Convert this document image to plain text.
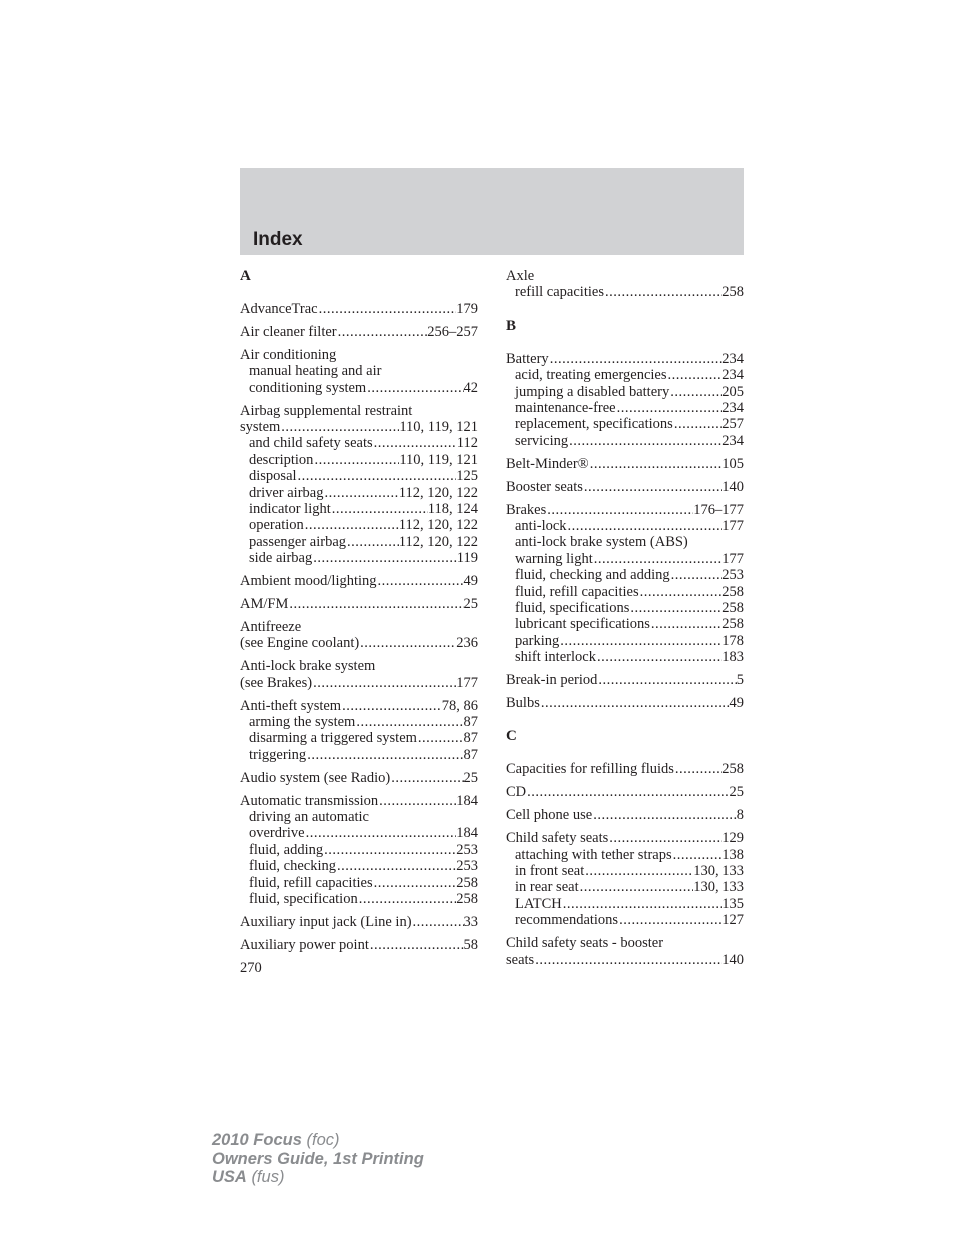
Index
A
AdvanceTrac .....	179
Air cleaner filter .....	256–257
Air conditioning
manual heating and air
conditioning system .....	42
Airbag supplemental restraint
system .....	110, 119, 121
and child safety seats .....	112
description .....	110, 119, 121
disposal .....	125
driver airbag .....	112, 120, 122
indicator light .....	118, 124
operation .....	112, 120, 122
passenger airbag .....	112, 120, 122
side airbag .....	119
Ambient mood/lighting .....	49
AM/FM .....	25
Antifreeze
(see Engine coolant) .....	236
Anti-lock brake system
(see Brakes) .....	177
Anti-theft system .....	78, 86
arming the system .....	87
disarming a triggered system .....	87
triggering .....	87
Audio system (see Radio) .....	25
Automatic transmission .....	184
driving an automatic
overdrive .....	184
fluid, adding .....	253
fluid, checking .....	253
fluid, refill capacities .....	258
fluid, specification .....	258
Auxiliary input jack (Line in) .....	33
Auxiliary power point .....	58
Axle
refill capacities .....	258
B
Battery .....	234
acid, treating emergencies .....	234
jumping a disabled battery .....	205
maintenance-free .....	234
replacement, specifications .....	257
servicing .....	234
Belt-Minder® .....	105
Booster seats .....	140
Brakes .....	176–177
anti-lock .....	177
anti-lock brake system (ABS)
warning light .....	177
fluid, checking and adding .....	253
fluid, refill capacities .....	258
fluid, specifications .....	258
lubricant specifications .....	258
parking .....	178
shift interlock .....	183
Break-in period .....	5
Bulbs .....	49
C
Capacities for refilling fluids .....	258
CD .....	25
Cell phone use .....	8
Child safety seats .....	129
attaching with tether straps .....	138
in front seat .....	130, 133
in rear seat .....	130, 133
LATCH .....	135
recommendations .....	127
Child safety seats - booster
seats .....	140
270
2010 Focus (foc)
Owners Guide, 1st Printing
USA (fus)
